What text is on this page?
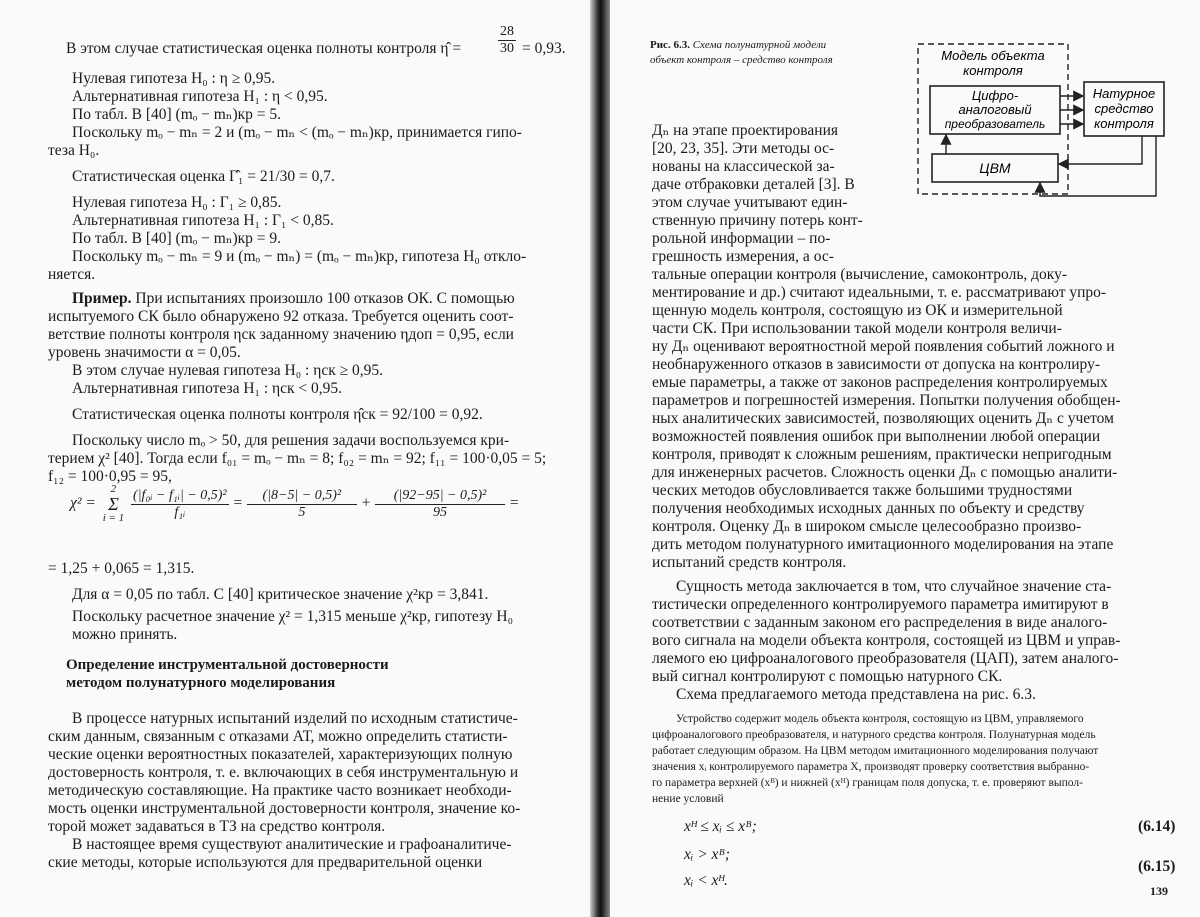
$\frac{28}{30}$
χ² =
2
Σ
i = 1
$\frac{\text{(|f₀ᵢ − f₁ᵢ| − 0,5)²}}{\text{f₁ᵢ}} = \frac{\text{(|8−5| − 0,5)²}}{5} + \frac{\text{(|92−95| − 0,5)²}}{95}$ =
Определение инструментальной достоверности
методом полунатурного моделирования
В этом случае статистическая оценка полноты контроля η̂ =	= 0,93.
Нулевая гипотеза H₀ : η ≥ 0,95.
Альтернативная гипотеза H₁ : η < 0,95.
По табл. B [40] (mₒ − mₙ)кр = 5.
Поскольку mₒ − mₙ = 2 и (mₒ − mₙ < (mₒ − mₙ)кр, принимается гипо-
теза H₀.
Статистическая оценка Γ̂₁ = 21/30 = 0,7.
Нулевая гипотеза H₀ : Γ₁ ≥ 0,85.
Альтернативная гипотеза H₁ : Γ₁ < 0,85.
По табл. B [40] (mₒ − mₙ)кр = 9.
Поскольку mₒ − mₙ = 9 и (mₒ − mₙ) = (mₒ − mₙ)кр, гипотеза H₀ откло-
няется.
Пример. При испытаниях произошло 100 отказов ОК. С помощью
испытуемого СК было обнаружено 92 отказа. Требуется оценить соот-
ветствие полноты контроля ηск заданному значению ηдоп = 0,95, если
уровень значимости α = 0,05.
В этом случае нулевая гипотеза H₀ : ηск ≥ 0,95.
Альтернативная гипотеза H₁ : ηск < 0,95.
Статистическая оценка полноты контроля η̂ск = 92/100 = 0,92.
Поскольку число mₒ > 50, для решения задачи воспользуемся кри-
терием χ² [40]. Тогда если f₀₁ = mₒ − mₙ = 8; f₀₂ = mₙ = 92; f₁₁ = 100·0,05 = 5;
f₁₂ = 100·0,95 = 95,
= 1,25 + 0,065 = 1,315.
Для α = 0,05 по табл. C [40] критическое значение χ²кр = 3,841.
Поскольку расчетное значение χ² = 1,315 меньше χ²кр, гипотезу H₀
можно принять.
В процессе натурных испытаний изделий по исходным статистиче-
ским данным, связанным с отказами АТ, можно определить статисти-
ческие оценки вероятностных показателей, характеризующих полную
достоверность контроля, т. е. включающих в себя инструментальную и
методическую составляющие. На практике часто возникает необходи-
мость оценки инструментальной достоверности контроля, значение ко-
торой может задаваться в ТЗ на средство контроля.
В настоящее время существуют аналитические и графоаналитиче-
ские методы, которые используются для предварительной оценки
Рис. 6.3. Схема полунатурной модели
объект контроля – средство контроля	Модель объекта
контроля
Цифро-
аналоговый
преобразователь
ЦВМ
Натурное
средство
контроля
(6.14)
(6.15)
139
Дₙ на этапе проектирования
[20, 23, 35]. Эти методы ос-
нованы на классической за-
даче отбраковки деталей [3]. В
этом случае учитывают един-
ственную причину потерь конт-
рольной информации – по-
грешность измерения, а ос-
тальные операции контроля (вычисление, самоконтроль, доку-
ментирование и др.) считают идеальными, т. е. рассматривают упро-
щенную модель контроля, состоящую из ОК и измерительной
части СК. При использовании такой модели контроля величи-
ну Дₙ оценивают вероятностной мерой появления событий ложного и
необнаруженного отказов в зависимости от допуска на контролиру-
емые параметры, а также от законов распределения контролируемых
параметров и погрешностей измерения. Попытки получения обобщен-
ных аналитических зависимостей, позволяющих оценить Дₙ с учетом
возможностей появления ошибок при выполнении любой операции
контроля, приводят к сложным решениям, практически непригодным
для инженерных расчетов. Сложность оценки Дₙ с помощью аналити-
ческих методов обусловливается также большими трудностями
получения необходимых исходных данных по объекту и средству
контроля. Оценку Дₙ в широком смысле целесообразно произво-
дить методом полунатурного имитационного моделирования на этапе
испытаний средств контроля.
Сущность метода заключается в том, что случайное значение ста-
тистически определенного контролируемого параметра имитируют в
соответствии с заданным законом его распределения в виде аналого-
вого сигнала на модели объекта контроля, состоящей из ЦВМ и управ-
ляемого ею цифроаналогового преобразователя (ЦАП), затем аналого-
вый сигнал контролируют с помощью натурного СК.
Схема предлагаемого метода представлена на рис. 6.3.
Устройство содержит модель объекта контроля, состоящую из ЦВМ, управляемого
цифроаналогового преобразователя, и натурного средства контроля. Полунатурная модель
работает следующим образом. На ЦВМ методом имитационного моделирования получают
значения xᵢ контролируемого параметра X, производят проверку соответствия выбранно-
го параметра верхней (xᴮ) и нижней (xᴴ) границам поля допуска, т. е. проверяют выпол-
нение условий
xᴴ ≤ xᵢ ≤ xᴮ;
xᵢ > xᴮ;
xᵢ < xᴴ.
